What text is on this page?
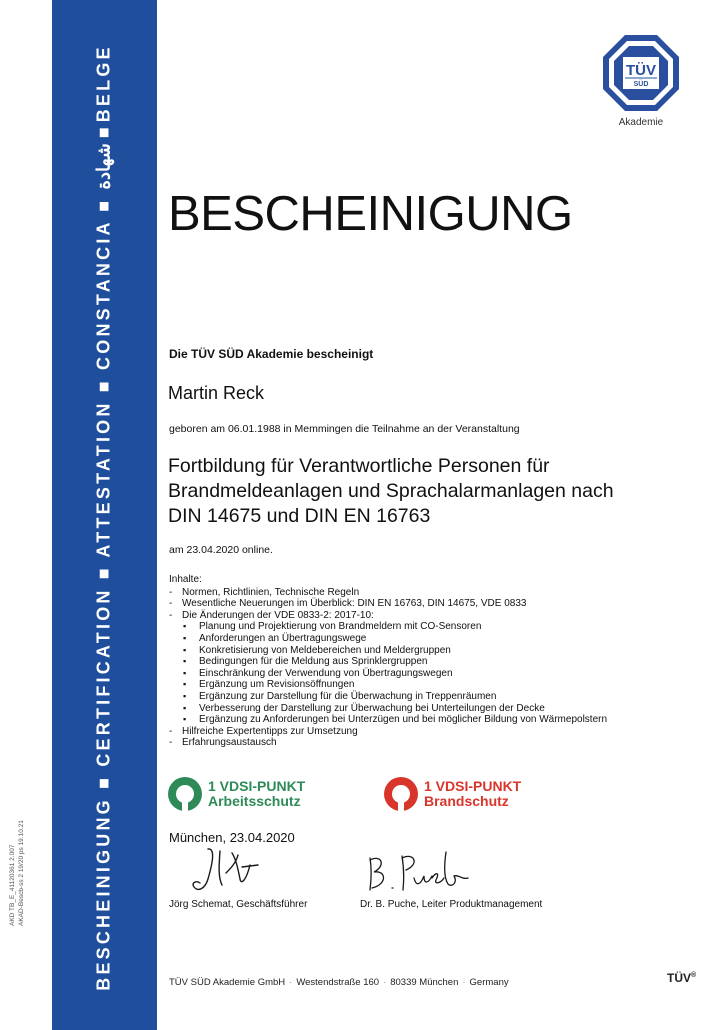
BESCHEINIGUNG ■ CERTIFICATION ■ ATTESTATION ■ CONSTANCIA ■ شهادة ■ BELGE
AKD TB_E_41120361 2.007 AKAD-Bescb-ss 2 19/20 ps 19.10.21
TÜV
SÜD
Akademie
BESCHEINIGUNG
Die TÜV SÜD Akademie bescheinigt
Martin Reck
geboren am 06.01.1988 in Memmingen die Teilnahme an der Veranstaltung
Fortbildung für Verantwortliche Personen für
Brandmeldeanlagen und Sprachalarmanlagen nach
DIN 14675 und DIN EN 16763
am 23.04.2020 online.
Inhalte:
- Normen, Richtlinien, Technische Regeln
- Wesentliche Neuerungen im Überblick: DIN EN 16763, DIN 14675, VDE 0833
- Die Änderungen der VDE 0833-2: 2017-10:
▪ Planung und Projektierung von Brandmeldern mit CO-Sensoren
▪ Anforderungen an Übertragungswege
▪ Konkretisierung von Meldebereichen und Meldergruppen
▪ Bedingungen für die Meldung aus Sprinklergruppen
▪ Einschränkung der Verwendung von Übertragungswegen
▪ Ergänzung um Revisionsöffnungen
▪ Ergänzung zur Darstellung für die Überwachung in Treppenräumen
▪ Verbesserung der Darstellung zur Überwachung bei Unterteilungen der Decke
▪ Ergänzung zu Anforderungen bei Unterzügen und bei möglicher Bildung von Wärmepolstern
- Hilfreiche Expertentipps zur Umsetzung
- Erfahrungsaustausch
1 VDSI-PUNKT
Arbeitsschutz
1 VDSI-PUNKT
Brandschutz
München, 23.04.2020
Jörg Schemat, Geschäftsführer	Dr. B. Puche, Leiter Produktmanagement
TÜV SÜD Akademie GmbH · Westendstraße 160 · 80339 München · Germany	TÜV®
